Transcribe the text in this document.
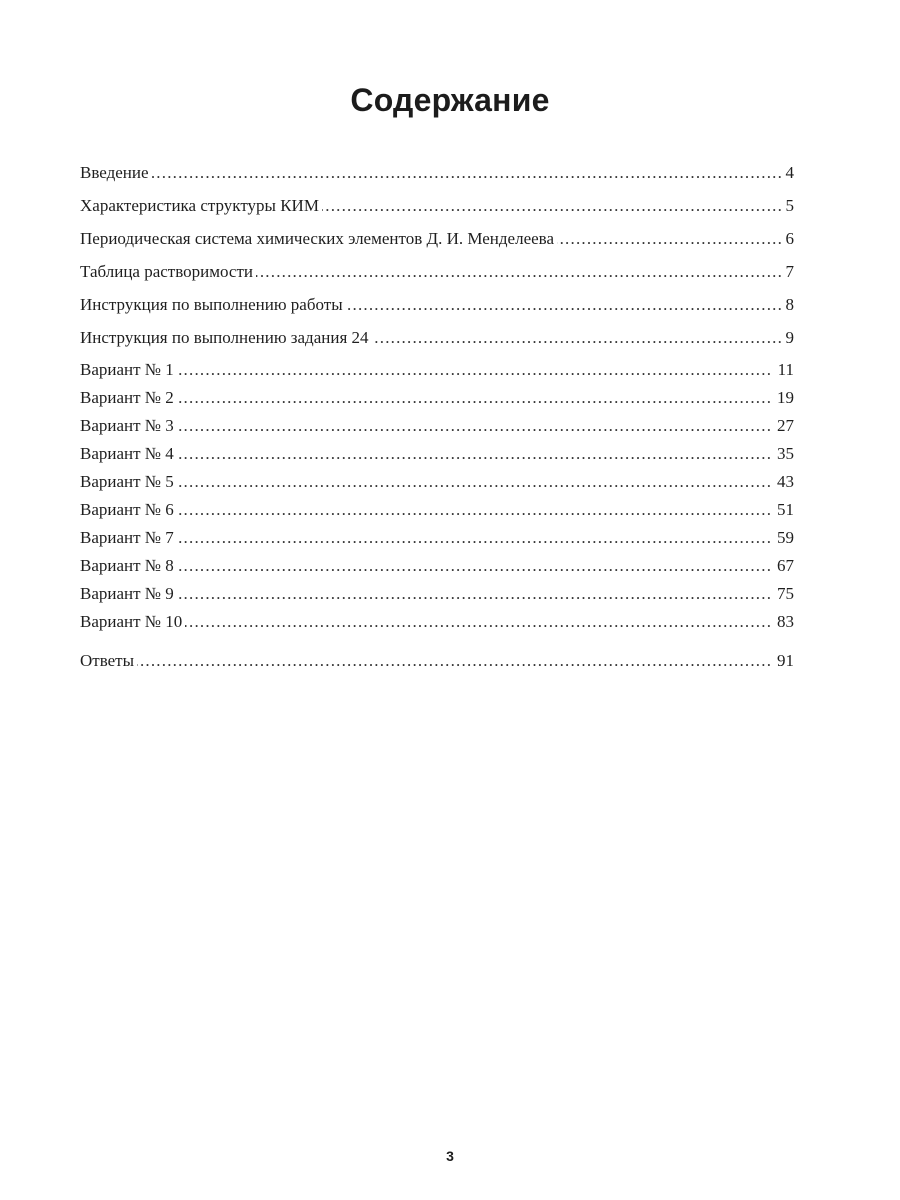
Содержание
.....
Введение	4
.....
Характеристика структуры КИМ	5
.....
Периодическая система химических элементов Д. И. Менделеева	6
.....
Таблица растворимости	7
.....
Инструкция по выполнению работы	8
.....
Инструкция по выполнению задания 24	9
.....
Вариант № 1	11
.....
Вариант № 2	19
.....
Вариант № 3	27
.....
Вариант № 4	35
.....
Вариант № 5	43
.....
Вариант № 6	51
.....
Вариант № 7	59
.....
Вариант № 8	67
.....
Вариант № 9	75
.....
Вариант № 10	83
.....
Ответы	91
3
